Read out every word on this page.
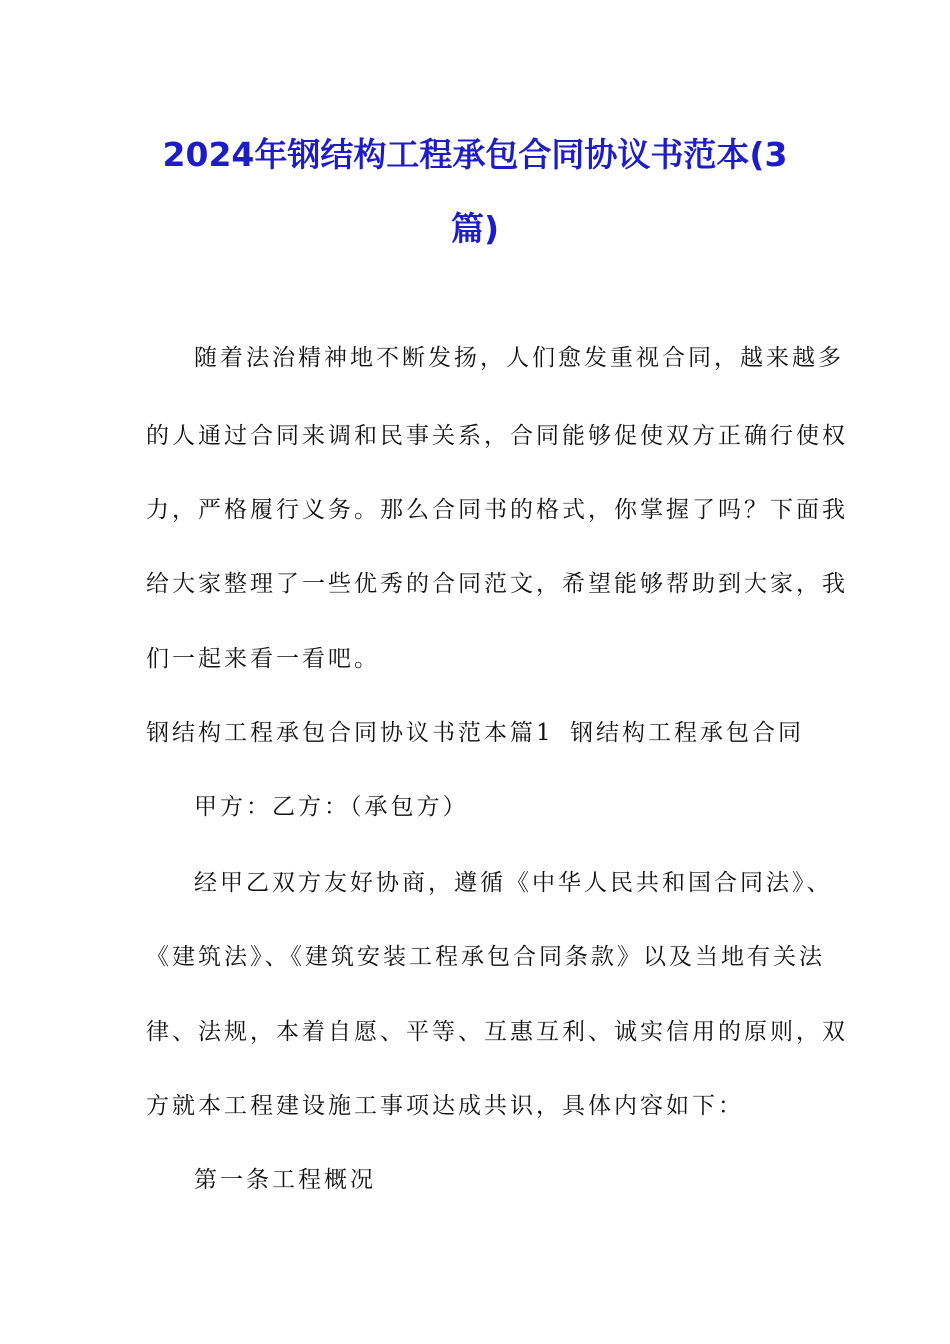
2024年钢结构工程承包合同协议书范本(3
篇)
随着法治精神地不断发扬，人们愈发重视合同，越来越多
的人通过合同来调和民事关系，合同能够促使双方正确行使权
力，严格履行义务。那么合同书的格式，你掌握了吗？下面我
给大家整理了一些优秀的合同范文，希望能够帮助到大家，我
们一起来看一看吧。
钢结构工程承包合同协议书范本篇1 钢结构工程承包合同
甲方：乙方：（承包方）
经甲乙双方友好协商，遵循《中华人民共和国合同法》、
《建筑法》、《建筑安装工程承包合同条款》以及当地有关法
律、法规，本着自愿、平等、互惠互利、诚实信用的原则，双
方就本工程建设施工事项达成共识，具体内容如下：
第一条工程概况
